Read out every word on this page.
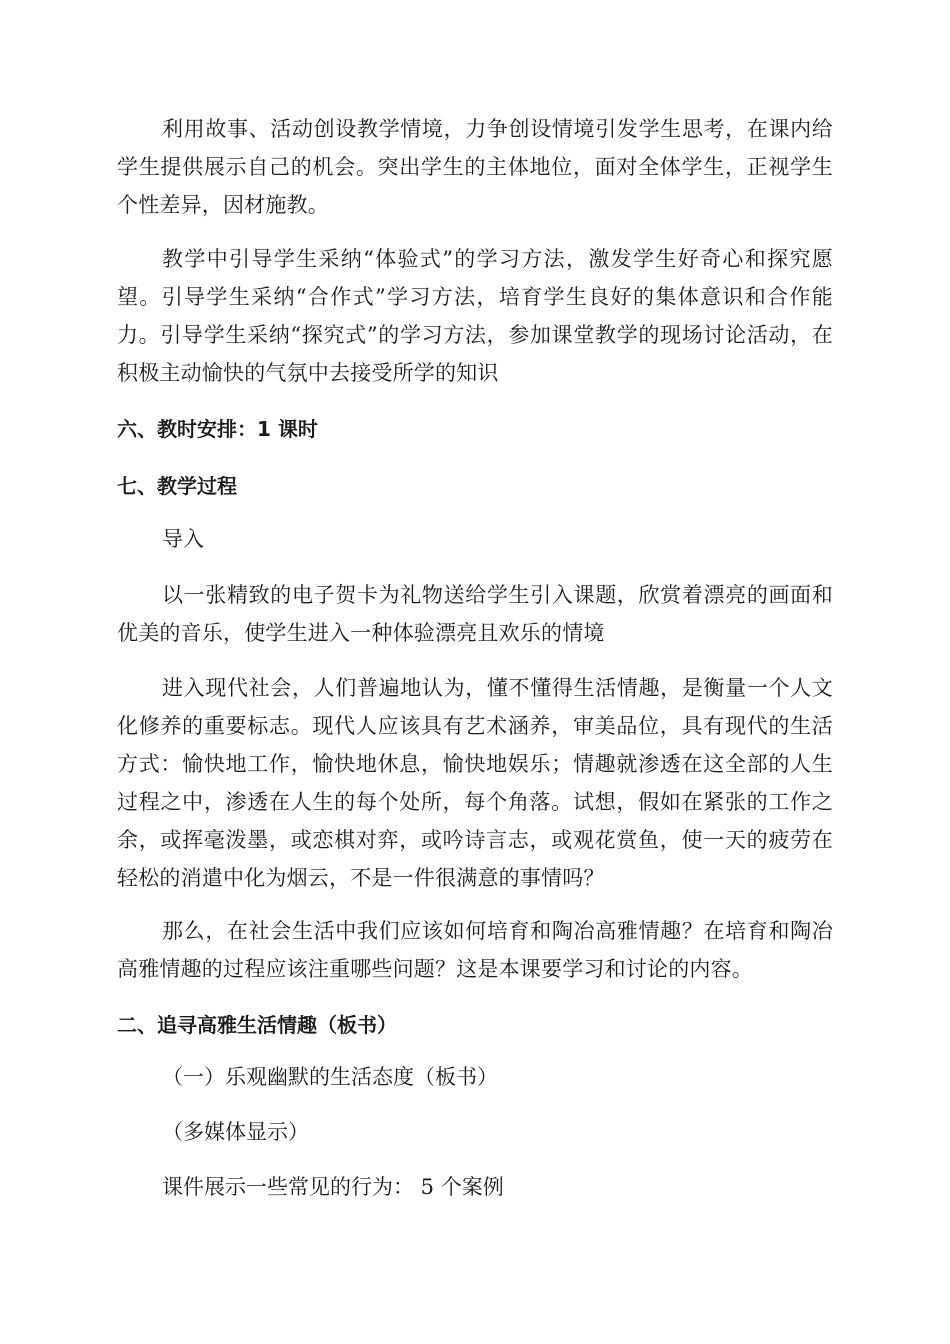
利用故事、活动创设教学情境，力争创设情境引发学生思考，在课内给学生提供展示自己的机会。突出学生的主体地位，面对全体学生，正视学生个性差异，因材施教。

教学中引导学生采纳“体验式”的学习方法，激发学生好奇心和探究愿望。引导学生采纳“合作式”学习方法，培育学生良好的集体意识和合作能力。引导学生采纳“探究式”的学习方法，参加课堂教学的现场讨论活动，在积极主动愉快的气氛中去接受所学的知识

六、教时安排：1 课时

七、教学过程

导入

以一张精致的电子贺卡为礼物送给学生引入课题，欣赏着漂亮的画面和优美的音乐，使学生进入一种体验漂亮且欢乐的情境

进入现代社会，人们普遍地认为，懂不懂得生活情趣，是衡量一个人文化修养的重要标志。现代人应该具有艺术涵养，审美品位，具有现代的生活方式：愉快地工作，愉快地休息，愉快地娱乐；情趣就渗透在这全部的人生过程之中，渗透在人生的每个处所，每个角落。试想，假如在紧张的工作之余，或挥毫泼墨，或恋棋对弈，或吟诗言志，或观花赏鱼，使一天的疲劳在轻松的消遣中化为烟云，不是一件很满意的事情吗？

那么，在社会生活中我们应该如何培育和陶冶高雅情趣？在培育和陶冶高雅情趣的过程应该注重哪些问题？这是本课要学习和讨论的内容。

二、追寻高雅生活情趣（板书）

（一）乐观幽默的生活态度（板书）

（多媒体显示）

课件展示一些常见的行为： 5 个案例
